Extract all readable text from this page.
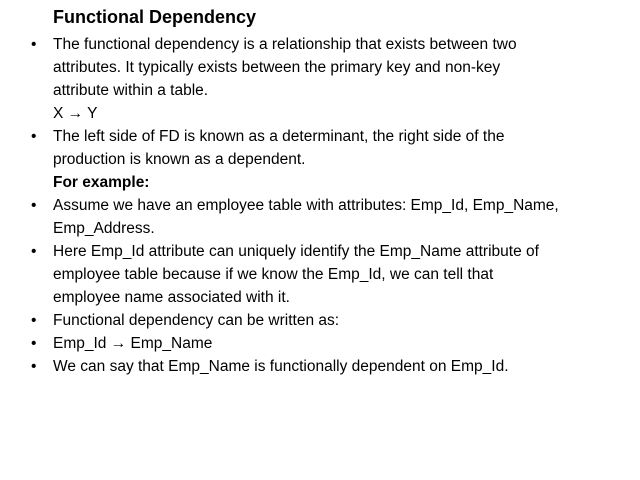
Functional Dependency
• The functional dependency is a relationship that exists between two
attributes. It typically exists between the primary key and non-key
attribute within a table.
X → Y
• The left side of FD is known as a determinant, the right side of the
production is known as a dependent.
For example:
• Assume we have an employee table with attributes: Emp_Id, Emp_Name,
Emp_Address.
• Here Emp_Id attribute can uniquely identify the Emp_Name attribute of
employee table because if we know the Emp_Id, we can tell that
employee name associated with it.
• Functional dependency can be written as:
• Emp_Id → Emp_Name
• We can say that Emp_Name is functionally dependent on Emp_Id.
